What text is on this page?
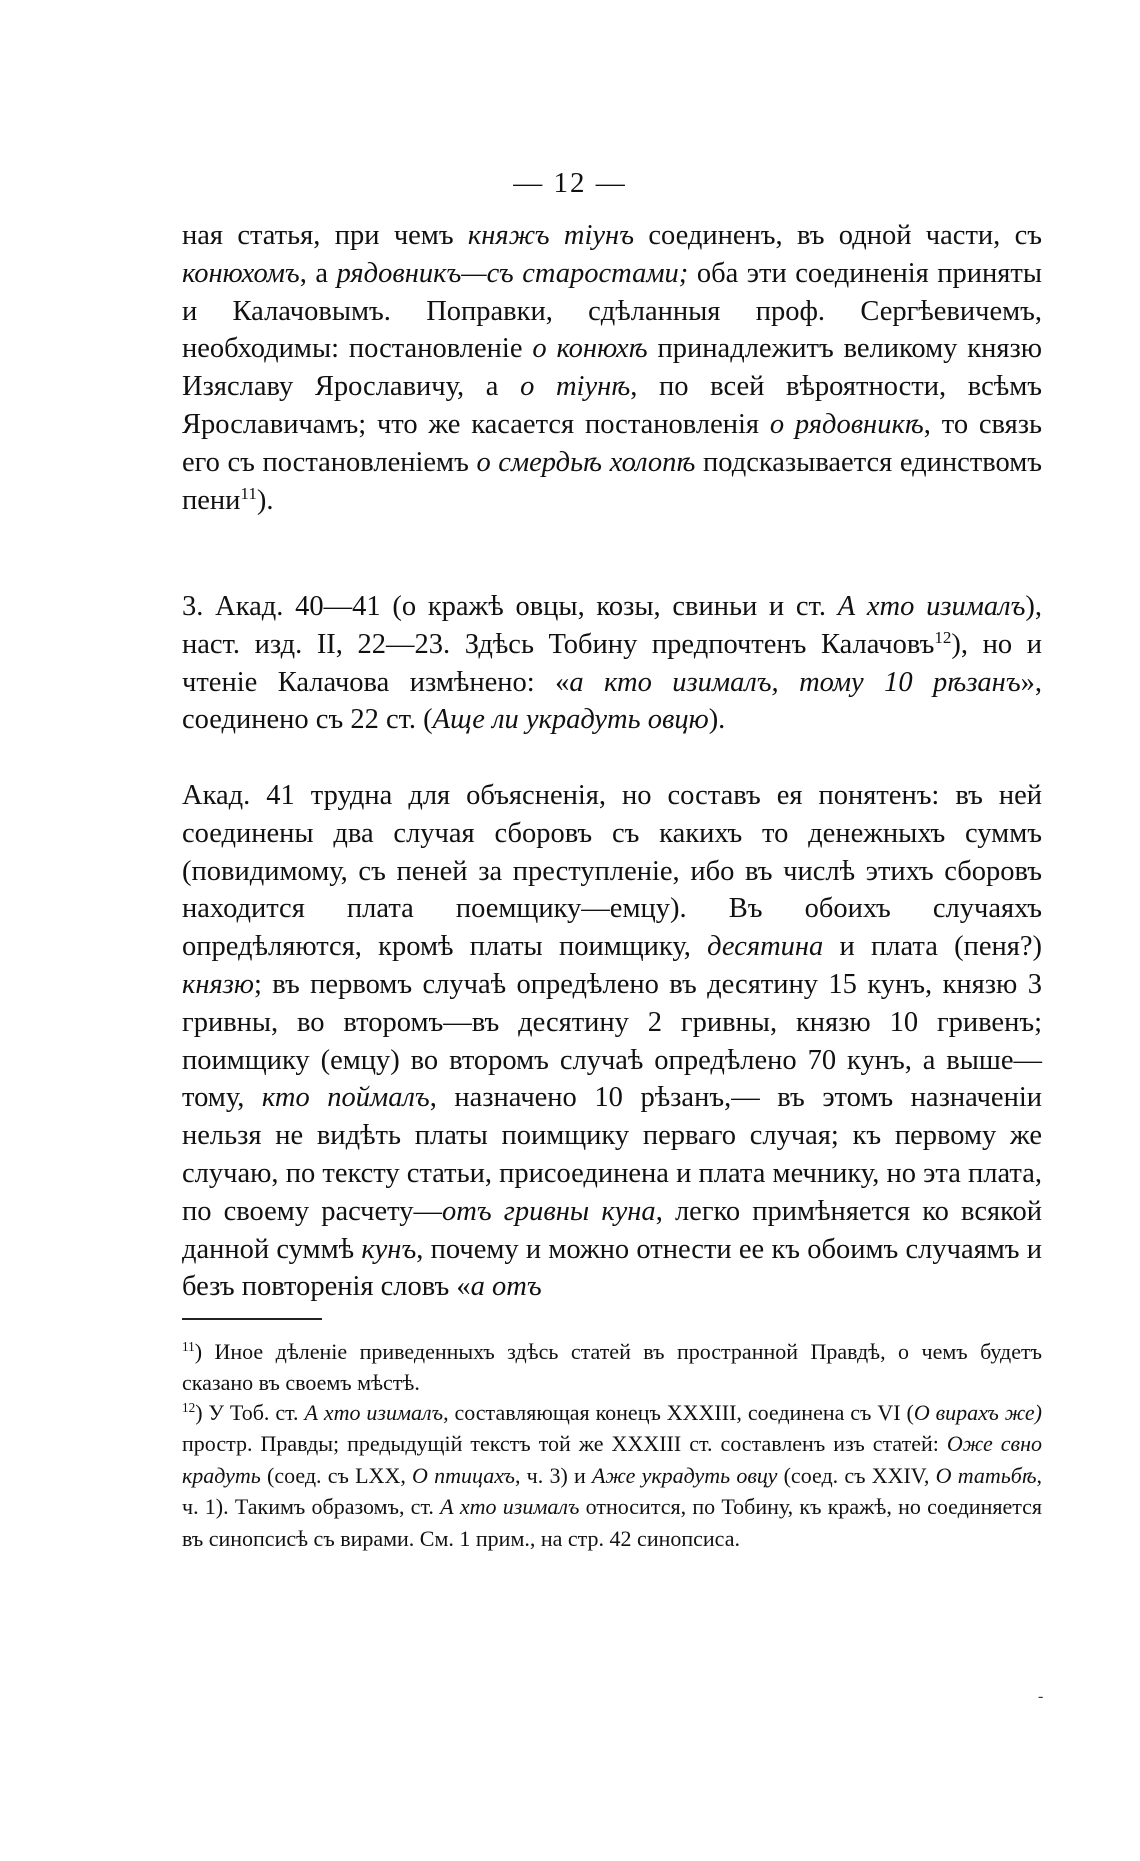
— 12 —

ная статья, при чемъ княжъ тіунъ соединенъ, въ одной части, съ конюхомъ, а рядовникъ—съ старостами; оба эти соединенія приняты и Калачовымъ. Поправки, сдѣланныя проф. Сергѣевичемъ, необходимы: постановленіе о конюхѣ принадлежитъ великому князю Изяславу Ярославичу, а о тіунѣ, по всей вѣроятности, всѣмъ Ярославичамъ; что же касается постановленія о рядовникѣ, то связь его съ постановленіемъ о смердьѣ холопѣ подсказывается единствомъ пени$^{11}$).

3. Акад. 40—41 (о кражѣ овцы, козы, свиньи и ст. А хто изималъ), наст. изд. II, 22—23. Здѣсь Тобину предпочтенъ Калачовъ$^{12}$), но и чтеніе Калачова измѣнено: «а кто изималъ, тому 10 рѣзанъ», соединено съ 22 ст. (Аще ли украдуть овцю).

Акад. 41 трудна для объясненія, но составъ ея понятенъ: въ ней соединены два случая сборовъ съ какихъ то денежныхъ суммъ (повидимому, съ пеней за преступленіе, ибо въ числѣ этихъ сборовъ находится плата поемщику—емцу). Въ обоихъ случаяхъ опредѣляются, кромѣ платы поимщику, десятина и плата (пеня?) князю; въ первомъ случаѣ опредѣлено въ десятину 15 кунъ, князю 3 гривны, во второмъ—въ десятину 2 гривны, князю 10 гривенъ; поимщику (емцу) во второмъ случаѣ опредѣлено 70 кунъ, а выше—тому, кто поймалъ, назначено 10 рѣзанъ,— въ этомъ назначеніи нельзя не видѣть платы поимщику перваго случая; къ первому же случаю, по тексту статьи, присоединена и плата мечнику, но эта плата, по своему расчету—отъ гривны куна, легко примѣняется ко всякой данной суммѣ кунъ, почему и можно отнести ее къ обоимъ случаямъ и безъ повторенія словъ «а отъ

$^{11}$) Иное дѣленіе приведенныхъ здѣсь статей въ пространной Правдѣ, о чемъ будетъ сказано въ своемъ мѣстѣ.

$^{12}$) У Тоб. ст. А хто изималъ, составляющая конецъ XXXIII, соединена съ VI (О вирахъ же) простр. Правды; предыдущій текстъ той же XXXIII ст. составленъ изъ статей: Оже свно крадуть (соед. съ LXX, О птицахъ, ч. 3) и Аже украдуть овцу (соед. съ XXIV, О татьбѣ, ч. 1). Такимъ образомъ, ст. А хто изималъ относится, по Тобину, къ кражѣ, но соединяется въ синопсисѣ съ вирами. См. 1 прим., на стр. 42 синопсиса.

-
